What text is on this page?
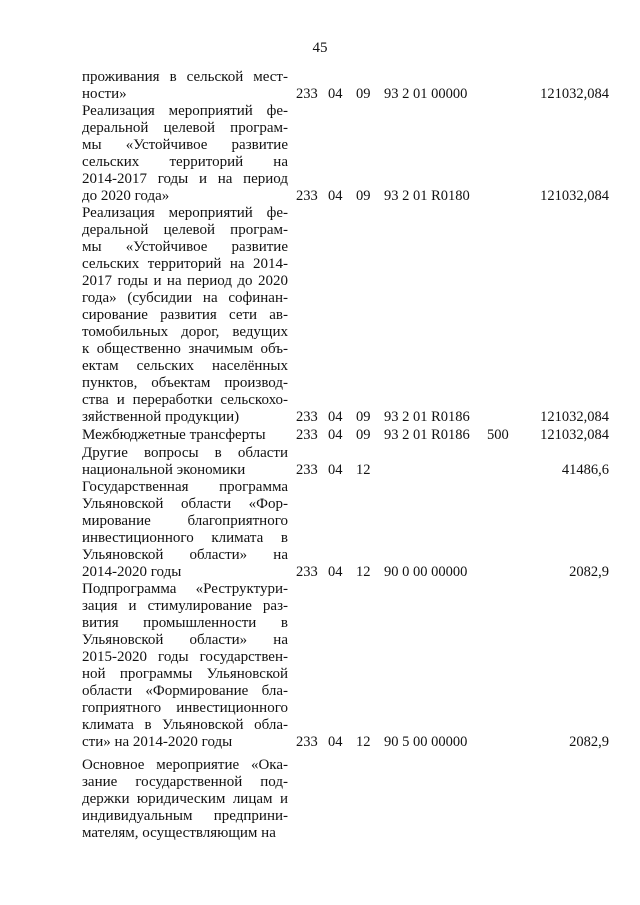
45
проживания в сельской мест-
ности»	233 04 09 93 2 01 00000	121032,084
Реализация мероприятий фе-
деральной целевой програм-
мы «Устойчивое развитие
сельских территорий на
2014-2017 годы и на период
до 2020 года»	233 04 09 93 2 01 R0180	121032,084
Реализация мероприятий фе-
деральной целевой програм-
мы «Устойчивое развитие
сельских территорий на 2014-
2017 годы и на период до 2020
года» (субсидии на софинан-
сирование развития сети ав-
томобильных дорог, ведущих
к общественно значимым объ-
ектам сельских населённых
пунктов, объектам производ-
ства и переработки сельскохо-
зяйственной продукции)	233 04 09 93 2 01 R0186	121032,084
Межбюджетные трансферты	233 04 09 93 2 01 R0186 500 121032,084
Другие вопросы в области
национальной экономики	233 04 12	41486,6
Государственная программа
Ульяновской области «Фор-
мирование благоприятного
инвестиционного климата в
Ульяновской области» на
2014-2020 годы	233 04 12 90 0 00 00000	2082,9
Подпрограмма «Реструктури-
зация и стимулирование раз-
вития промышленности в
Ульяновской области» на
2015-2020 годы государствен-
ной программы Ульяновской
области «Формирование бла-
гоприятного инвестиционного
климата в Ульяновской обла-
сти» на 2014-2020 годы	233 04 12 90 5 00 00000	2082,9
Основное мероприятие «Ока-
зание государственной под-
держки юридическим лицам и
индивидуальным предприни-
мателям, осуществляющим на
